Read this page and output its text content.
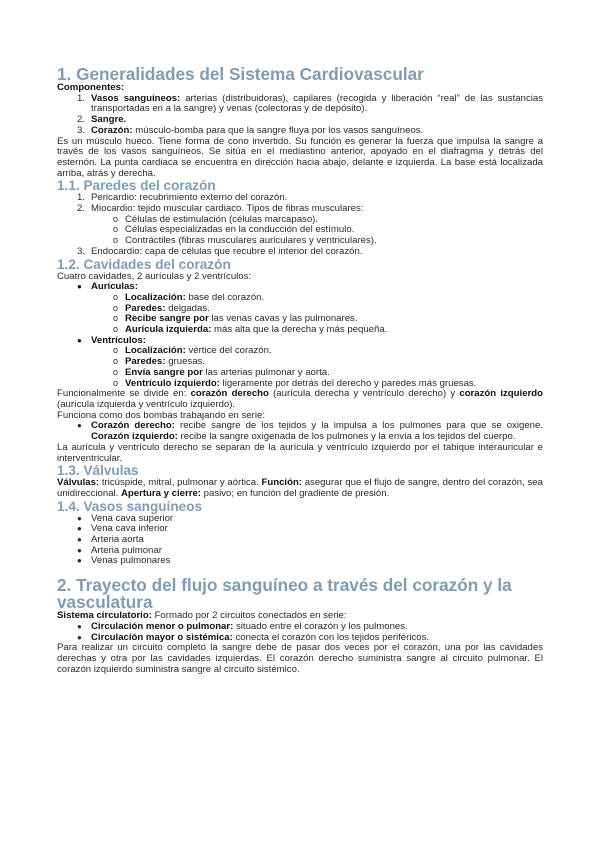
1. Generalidades del Sistema Cardiovascular
Componentes:
1. Vasos sanguíneos: arterias (distribuidoras), capilares (recogida y liberación “real” de las sustancias transportadas en a la sangre) y venas (colectoras y de depósito).
2. Sangre.
3. Corazón: músculo-bomba para que la sangre fluya por los vasos sanguíneos.

Es un músculo hueco. Tiene forma de cono invertido. Su función es generar la fuerza que impulsa la sangre a través de los vasos sanguíneos. Se sitúa en el mediastino anterior, apoyado en el diafragma y detrás del esternón. La punta cardiaca se encuentra en dirección hacia abajo, delante e izquierda. La base está localizada arriba, atrás y derecha.

1.1. Paredes del corazón
1. Pericardio: recubrimiento externo del corazón.
2. Miocardio: tejido muscular cardiaco. Tipos de fibras musculares:
o Células de estimulación (células marcapaso).
o Células especializadas en la conducción del estímulo.
o Contráctiles (fibras musculares auriculares y ventriculares).
3. Endocardio: capa de células que recubre el interior del corazón.
1.2. Cavidades del corazón

Cuatro cavidades, 2 aurículas y 2 ventrículos:

● Aurículas:
o Localización: base del corazón.
o Paredes: delgadas.
o Recibe sangre por las venas cavas y las pulmonares.
o Aurícula izquierda: más alta que la derecha y más pequeña.
● Ventrículos:
o Localización: vértice del corazón.
o Paredes: gruesas.
o Envía sangre por las arterias pulmonar y aorta.
o Ventrículo izquierdo: ligeramente por detrás del derecho y paredes más gruesas.

Funcionalmente se divide en: corazón derecho (aurícula derecha y ventrículo derecho) y corazón izquierdo (aurícula izquierda y ventrículo izquierdo).

Funciona como dos bombas trabajando en serie:

● Corazón derecho: recibe sangre de los tejidos y la impulsa a los pulmones para que se oxigene. Corazón izquierdo: recibe la sangre oxigenada de los pulmones y la envía a los tejidos del cuerpo.

La aurícula y ventrículo derecho se separan de la aurícula y ventrículo izquierdo por el tabique interauricular e interventricular.

1.3. Válvulas

Válvulas: tricúspide, mitral, pulmonar y aórtica. Función: asegurar que el flujo de sangre, dentro del corazón, sea unidireccional. Apertura y cierre: pasivo; en función del gradiente de presión.

1.4. Vasos sanguíneos
● Vena cava superior
● Vena cava inferior
● Arteria aorta
● Arteria pulmonar
● Venas pulmonares
2. Trayecto del flujo sanguíneo a través del corazón y la vasculatura

Sistema circulatorio: Formado por 2 circuitos conectados en serie:

● Circulación menor o pulmonar: situado entre el corazón y los pulmones.
● Circulación mayor o sistémica: conecta el corazón con los tejidos periféricos.

Para realizar un circuito completo la sangre debe de pasar dos veces por el corazón, una por las cavidades derechas y otra por las cavidades izquierdas. El corazón derecho suministra sangre al circuito pulmonar. El corazón izquierdo suministra sangre al circuito sistémico.
